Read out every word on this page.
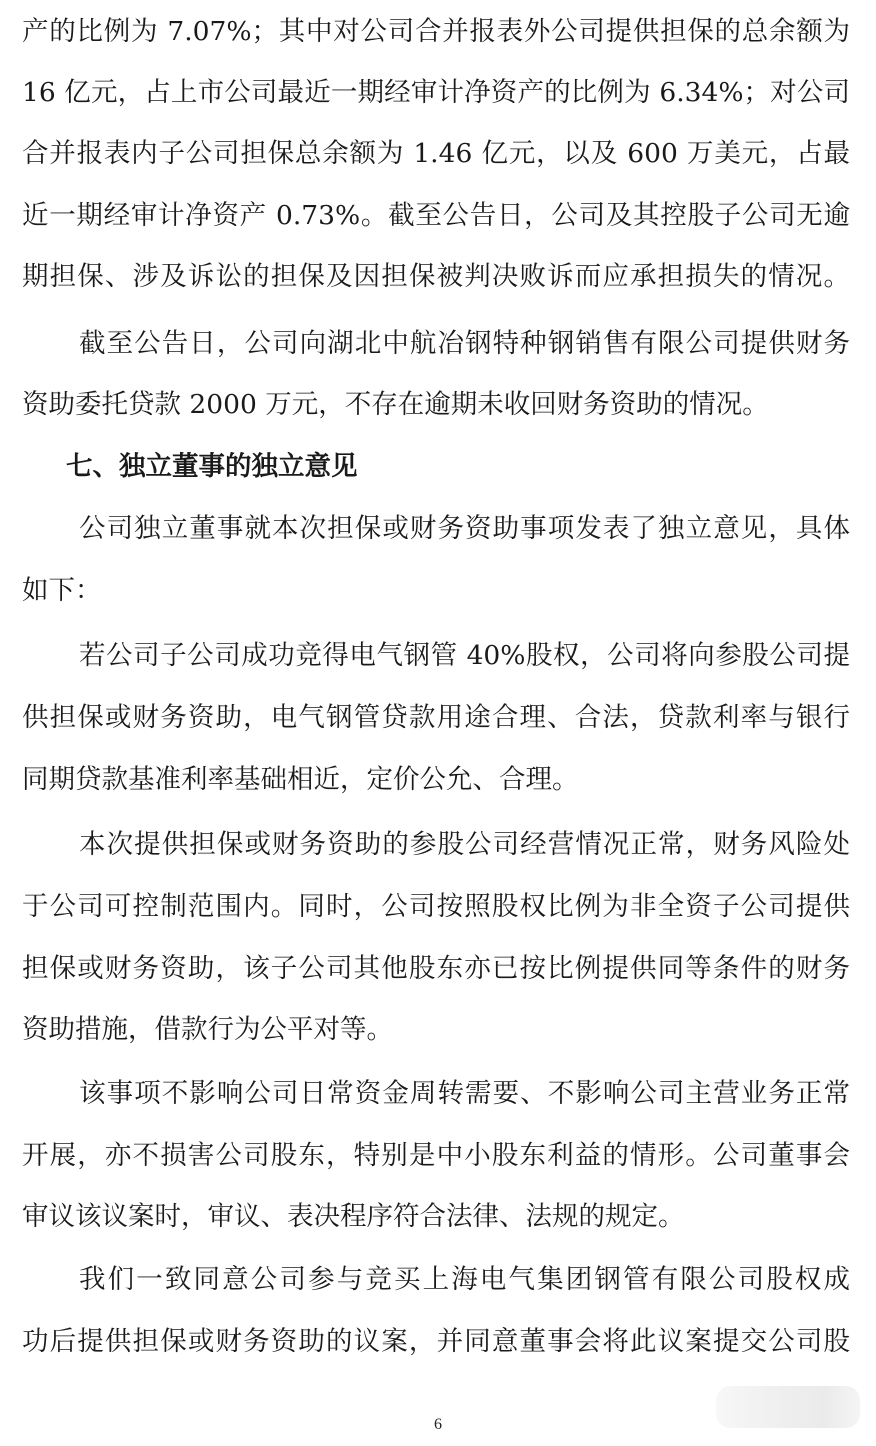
产的比例为 7.07%；其中对公司合并报表外公司提供担保的总余额为
16 亿元，占上市公司最近一期经审计净资产的比例为 6.34%；对公司
合并报表内子公司担保总余额为 1.46 亿元，以及 600 万美元，占最
近一期经审计净资产 0.73%。截至公告日，公司及其控股子公司无逾
期担保、涉及诉讼的担保及因担保被判决败诉而应承担损失的情况。
截至公告日，公司向湖北中航冶钢特种钢销售有限公司提供财务
资助委托贷款 2000 万元，不存在逾期未收回财务资助的情况。
七、独立董事的独立意见
公司独立董事就本次担保或财务资助事项发表了独立意见，具体
如下：
若公司子公司成功竞得电气钢管 40%股权，公司将向参股公司提
供担保或财务资助，电气钢管贷款用途合理、合法，贷款利率与银行
同期贷款基准利率基础相近，定价公允、合理。
本次提供担保或财务资助的参股公司经营情况正常，财务风险处
于公司可控制范围内。同时，公司按照股权比例为非全资子公司提供
担保或财务资助，该子公司其他股东亦已按比例提供同等条件的财务
资助措施，借款行为公平对等。
该事项不影响公司日常资金周转需要、不影响公司主营业务正常
开展，亦不损害公司股东，特别是中小股东利益的情形。公司董事会
审议该议案时，审议、表决程序符合法律、法规的规定。
我们一致同意公司参与竞买上海电气集团钢管有限公司股权成
功后提供担保或财务资助的议案，并同意董事会将此议案提交公司股
6
